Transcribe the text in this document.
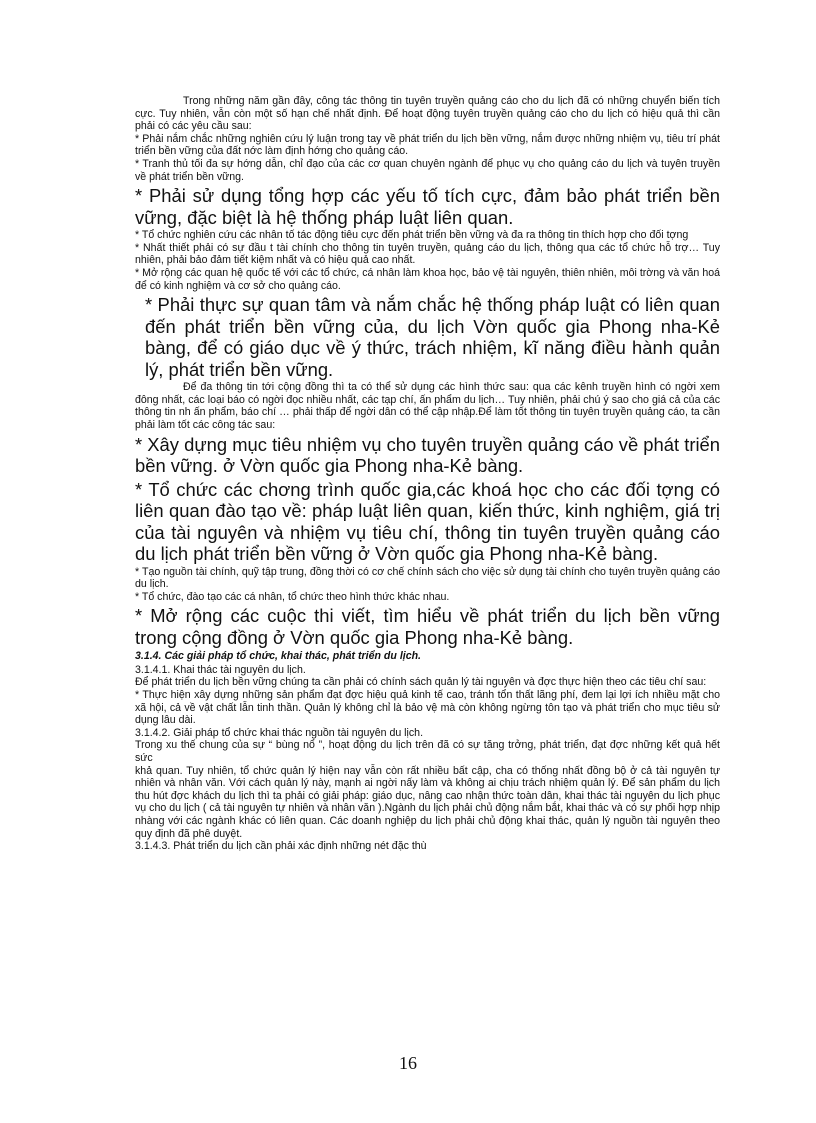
Trong những năm gần đây, công tác thông tin tuyên truyền quảng cáo cho du lịch đã có những chuyển biến tích cực. Tuy nhiên, vẫn còn một số hạn chế nhất định. Để hoạt động tuyên truyền quảng cáo cho du lịch có hiệu quả thì cần phải có các yêu cầu sau:

* Phải nắm chắc những nghiên cứu lý luận trong tay về phát triển du lịch bền vững, nắm được những nhiệm vụ, tiêu trí phát triển bền vững của đất nớc làm định hớng cho quảng cáo.

* Tranh thủ tối đa sự hớng dẫn, chỉ đạo của các cơ quan chuyên ngành để phục vụ cho quảng cáo du lịch và tuyên truyền về phát triển bền vững.

* Phải sử dụng tổng hợp các yếu tố tích cực, đảm bảo phát triển bền vững, đặc biệt là hệ thống pháp luật liên quan.

* Tổ chức nghiên cứu các nhân tố tác động tiêu cực đến phát triển bền vững và đa ra thông tin thích hợp cho đối tợng

* Nhất thiết phải có sự đầu t tài chính cho thông tin tuyên truyền, quảng cáo du lịch, thông qua các tổ chức hỗ trợ… Tuy nhiên, phải bảo đảm tiết kiệm nhất và có hiệu quả cao nhất.

* Mở rộng các quan hệ quốc tế với các tổ chức, cá nhân làm khoa học, bảo vệ tài nguyên, thiên nhiên, môi trờng và văn hoá để có kinh nghiệm và cơ sở cho quảng cáo.

* Phải thực sự quan tâm và nắm chắc hệ thống pháp luật có liên quan đến phát triển bền vững của, du lịch Vờn quốc gia Phong nha-Kẻ bàng, để có giáo dục về ý thức, trách nhiệm, kĩ năng điều hành quản lý, phát triển bền vững.

Để đa thông tin tới cộng đồng thì ta có thể sử dụng các hình thức sau: qua các kênh truyền hình có ngời xem đông nhất, các loại báo có ngời đọc nhiều nhất, các tạp chí, ấn phẩm du lịch… Tuy nhiên, phải chú ý sao cho giá cả của các thông tin nh ấn phẩm, báo chí … phải thấp để ngời dân có thể cập nhập.Để làm tốt thông tin tuyên truyền quảng cáo, ta cần phải làm tốt các công tác sau:

* Xây dựng mục tiêu nhiệm vụ cho tuyên truyền quảng cáo về phát triển bền vững. ở Vờn quốc gia Phong nha-Kẻ bàng.

* Tổ chức các chơng trình quốc gia,các khoá học cho các đối tợng có liên quan đào tạo về: pháp luật liên quan, kiến thức, kinh nghiệm, giá trị của tài nguyên và nhiệm vụ tiêu chí, thông tin tuyên truyền quảng cáo du lịch phát triển bền vững ở Vờn quốc gia Phong nha-Kẻ bàng.

* Tạo nguồn tài chính, quỹ tập trung, đồng thời có cơ chế chính sách cho việc sử dụng tài chính cho tuyên truyền quảng cáo du lịch.

* Tổ chức, đào tạo các cá nhân, tổ chức theo hình thức khác nhau.

* Mở rộng các cuộc thi viết, tìm hiểu về phát triển du lịch bền vững trong cộng đồng ở Vờn quốc gia Phong nha-Kẻ bàng.

3.1.4. Các giải pháp tổ chức, khai thác, phát triển du lịch.

3.1.4.1. Khai thác tài nguyên du lịch.

Để phát triển du lịch bền vững chúng ta cần phải có chính sách quản lý tài nguyên và đợc thực hiện theo các tiêu chí sau:

* Thực hiện xây dựng những sản phẩm đạt đợc hiệu quả kinh tế cao, tránh tổn thất lãng phí, đem lại lợi ích nhiều mặt cho xã hội, cả về vật chất lẫn tinh thần. Quản lý không chỉ là bảo vệ mà còn không ngừng tôn tạo và phát triển cho mục tiêu sử dụng lâu dài.

3.1.4.2. Giải pháp tổ chức khai thác nguồn tài nguyên du lịch.

Trong xu thế chung của sự “ bùng nổ ”, hoạt động du lịch trên đã có sự tăng trởng, phát triển, đạt đợc những kết quả hết sức

khả quan. Tuy nhiên, tổ chức quản lý hiện nay vẫn còn rất nhiều bất cập, cha có thống nhất đồng bộ ở cả tài nguyên tự nhiên và nhân văn. Với cách quản lý này, mạnh ai ngời nấy làm và không ai chịu trách nhiệm quản lý. Để sản phẩm du lịch thu hút đợc khách du lịch thì ta phải có giải pháp: giáo dục, nâng cao nhận thức toàn dân, khai thác tài nguyên du lịch phục vụ cho du lịch ( cả tài nguyên tự nhiên và nhân văn ).Ngành du lịch phải chủ động nắm bắt, khai thác và có sự phối hợp nhịp nhàng với các ngành khác có liên quan. Các doanh nghiệp du lịch phải chủ động khai thác, quản lý nguồn tài nguyên theo quy định đã phê duyệt.

3.1.4.3. Phát triển du lịch cần phải xác định những nét đặc thù

16
